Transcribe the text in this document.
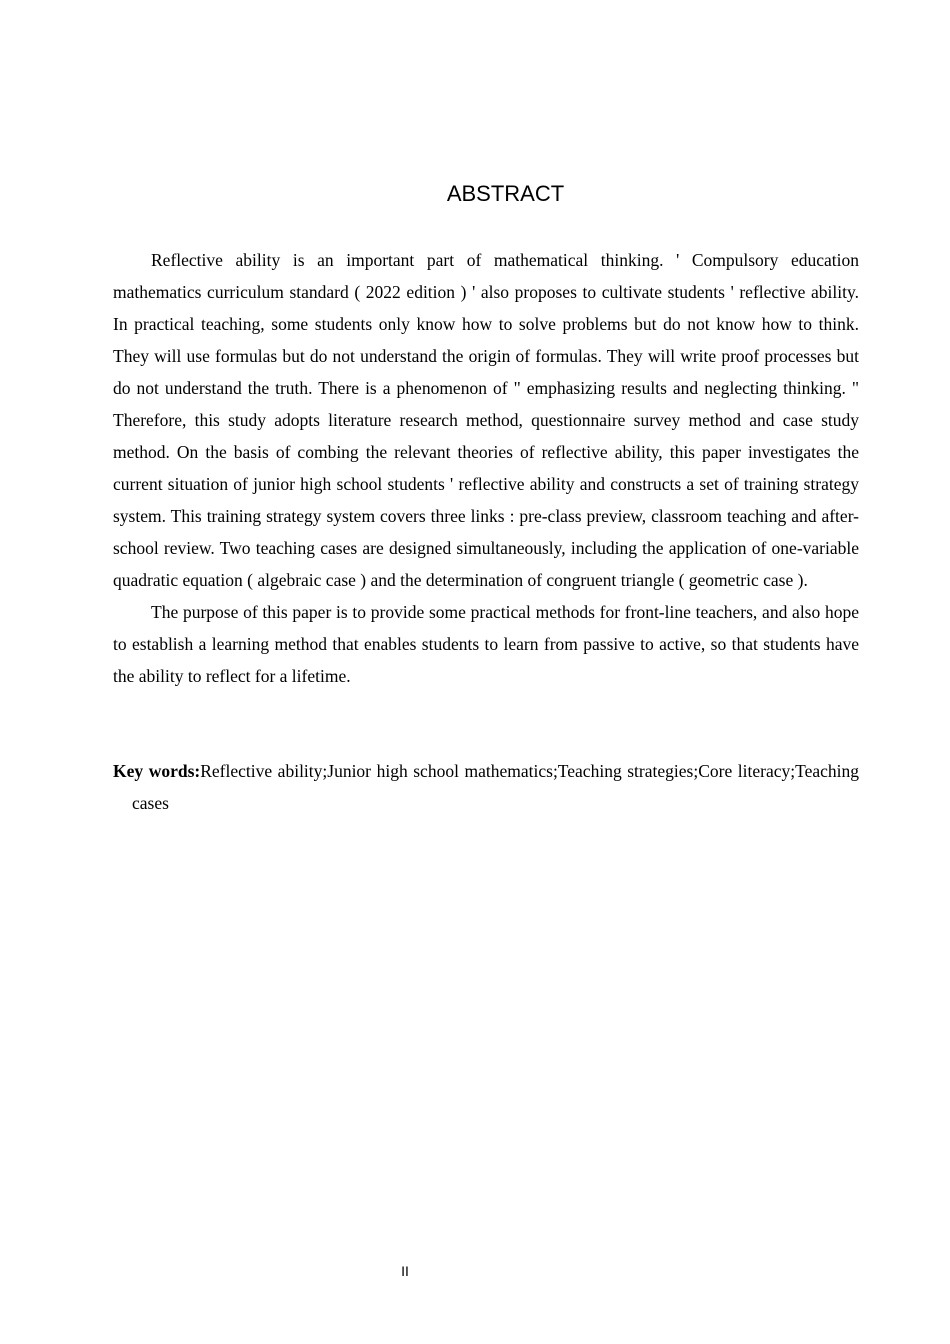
ABSTRACT

Reflective ability is an important part of mathematical thinking. ' Compulsory education mathematics curriculum standard ( 2022 edition ) ' also proposes to cultivate students ' reflective ability. In practical teaching, some students only know how to solve problems but do not know how to think. They will use formulas but do not understand the origin of formulas. They will write proof processes but do not understand the truth. There is a phenomenon of " emphasizing results and neglecting thinking. " Therefore, this study adopts literature research method, questionnaire survey method and case study method. On the basis of combing the relevant theories of reflective ability, this paper investigates the current situation of junior high school students ' reflective ability and constructs a set of training strategy system. This training strategy system covers three links : pre-class preview, classroom teaching and after-school review. Two teaching cases are designed simultaneously, including the application of one-variable quadratic equation ( algebraic case ) and the determination of congruent triangle ( geometric case ).

The purpose of this paper is to provide some practical methods for front-line teachers, and also hope to establish a learning method that enables students to learn from passive to active, so that students have the ability to reflect for a lifetime.

Key words:Reflective ability;Junior high school mathematics;Teaching strategies;Core literacy;Teaching cases
II
